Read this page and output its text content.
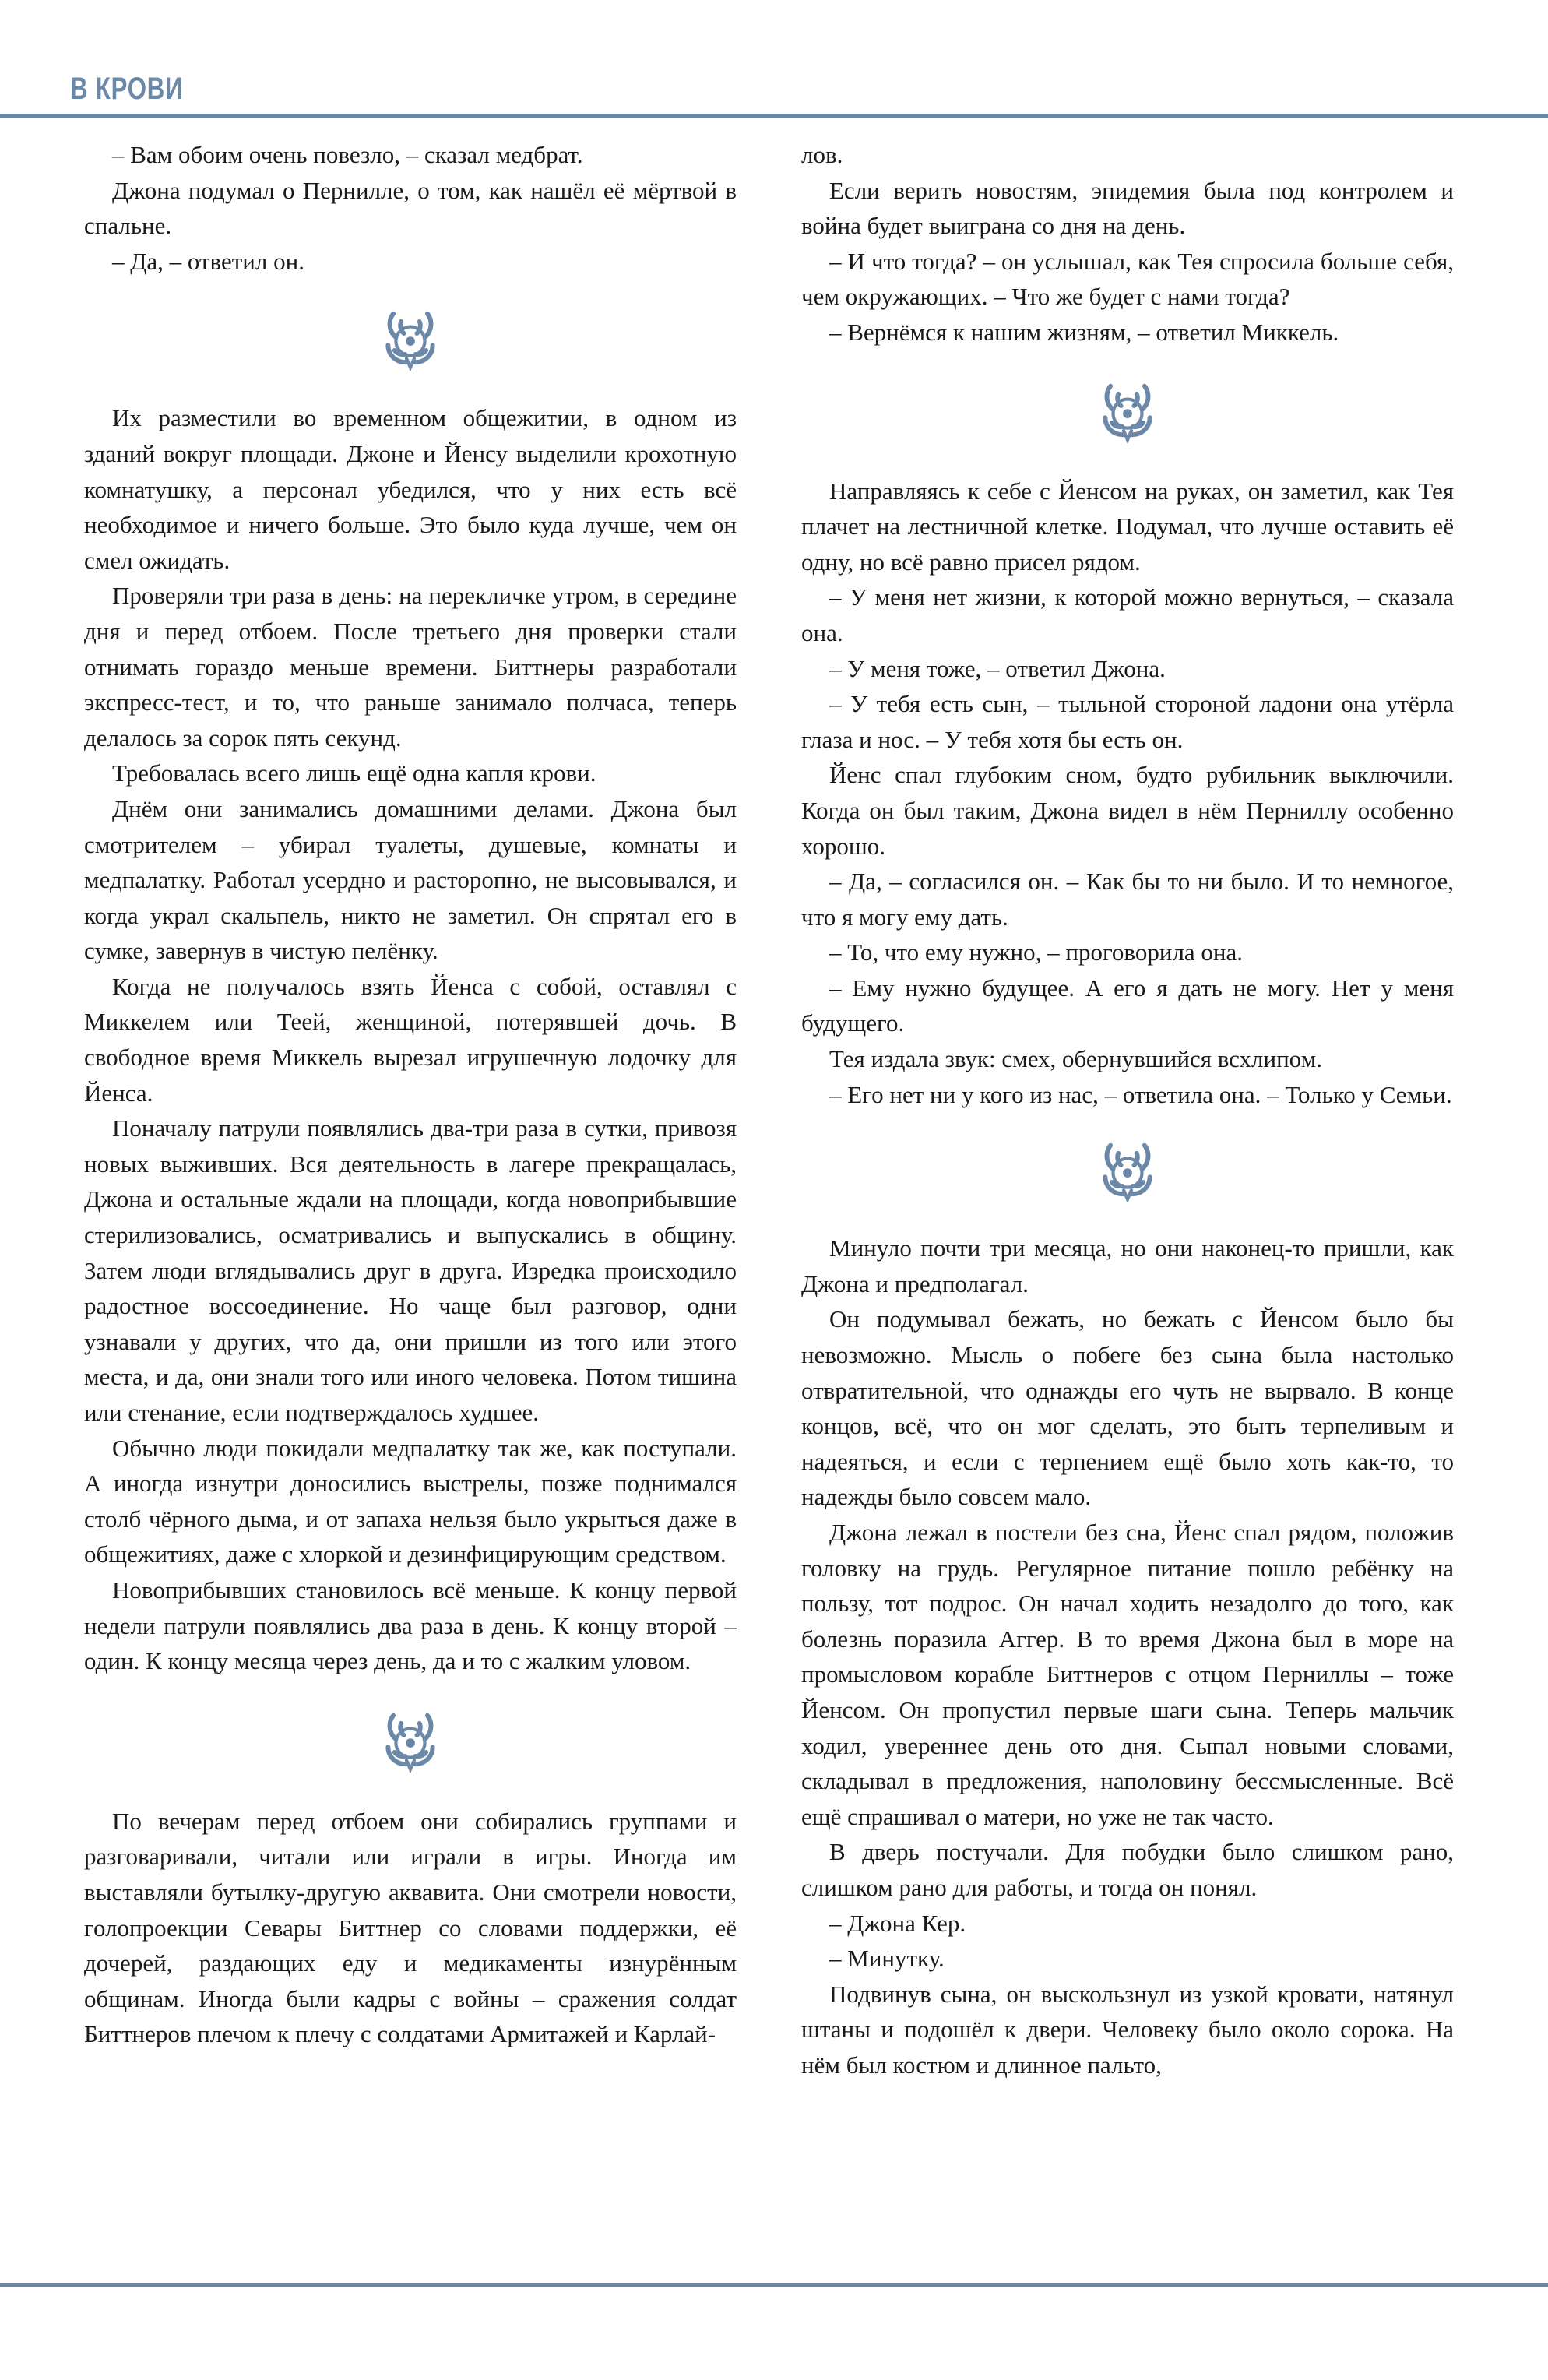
В КРОВИ

– Вам обоим очень повезло, – сказал медбрат.

Джона подумал о Пернилле, о том, как нашёл её мёртвой в спальне.

– Да, – ответил он.

Их разместили во временном общежитии, в одном из зданий вокруг площади. Джоне и Йенсу выделили крохотную комнатушку, а персонал убедился, что у них есть всё необходимое и ничего больше. Это было куда лучше, чем он смел ожидать.

Проверяли три раза в день: на перекличке утром, в середине дня и перед отбоем. После третьего дня проверки стали отнимать гораздо меньше времени. Биттнеры разработали экспресс-тест, и то, что раньше занимало полчаса, теперь делалось за сорок пять секунд.

Требовалась всего лишь ещё одна капля крови.

Днём они занимались домашними делами. Джона был смотрителем – убирал туалеты, душевые, комнаты и медпалатку. Работал усердно и расторопно, не высовывался, и когда украл скальпель, никто не заметил. Он спрятал его в сумке, завернув в чистую пелёнку.

Когда не получалось взять Йенса с собой, оставлял с Миккелем или Теей, женщиной, потерявшей дочь. В свободное время Миккель вырезал игрушечную лодочку для Йенса.

Поначалу патрули появлялись два-три раза в сутки, привозя новых выживших. Вся деятельность в лагере прекращалась, Джона и остальные ждали на площади, когда новоприбывшие стерилизовались, осматривались и выпускались в общину. Затем люди вглядывались друг в друга. Изредка происходило радостное воссоединение. Но чаще был разговор, одни узнавали у других, что да, они пришли из того или этого места, и да, они знали того или иного человека. Потом тишина или стенание, если подтверждалось худшее.

Обычно люди покидали медпалатку так же, как поступали. А иногда изнутри доносились выстрелы, позже поднимался столб чёрного дыма, и от запаха нельзя было укрыться даже в общежитиях, даже с хлоркой и дезинфицирующим средством.

Новоприбывших становилось всё меньше. К концу первой недели патрули появлялись два раза в день. К концу второй – один. К концу месяца через день, да и то с жалким уловом.

По вечерам перед отбоем они собирались группами и разговаривали, читали или играли в игры. Иногда им выставляли бутылку-другую аквавита. Они смотрели новости, голопроекции Севары Биттнер со словами поддержки, её дочерей, раздающих еду и медикаменты изнурённым общинам. Иногда были кадры с войны – сражения солдат Биттнеров плечом к плечу с солдатами Армитажей и Карлай-

лов.

Если верить новостям, эпидемия была под контролем и война будет выиграна со дня на день.

– И что тогда? – он услышал, как Тея спросила больше себя, чем окружающих. – Что же будет с нами тогда?

– Вернёмся к нашим жизням, – ответил Миккель.

Направляясь к себе с Йенсом на руках, он заметил, как Тея плачет на лестничной клетке. Подумал, что лучше оставить её одну, но всё равно присел рядом.

– У меня нет жизни, к которой можно вернуться, – сказала она.

– У меня тоже, – ответил Джона.

– У тебя есть сын, – тыльной стороной ладони она утёрла глаза и нос. – У тебя хотя бы есть он.

Йенс спал глубоким сном, будто рубильник выключили. Когда он был таким, Джона видел в нём Перниллу особенно хорошо.

– Да, – согласился он. – Как бы то ни было. И то немногое, что я могу ему дать.

– То, что ему нужно, – проговорила она.

– Ему нужно будущее. А его я дать не могу. Нет у меня будущего.

Тея издала звук: смех, обернувшийся всхлипом.

– Его нет ни у кого из нас, – ответила она. – Только у Семьи.

Минуло почти три месяца, но они наконец-то пришли, как Джона и предполагал.

Он подумывал бежать, но бежать с Йенсом было бы невозможно. Мысль о побеге без сына была настолько отвратительной, что однажды его чуть не вырвало. В конце концов, всё, что он мог сделать, это быть терпеливым и надеяться, и если с терпением ещё было хоть как-то, то надежды было совсем мало.

Джона лежал в постели без сна, Йенс спал рядом, положив головку на грудь. Регулярное питание пошло ребёнку на пользу, тот подрос. Он начал ходить незадолго до того, как болезнь поразила Аггер. В то время Джона был в море на промысловом корабле Биттнеров с отцом Перниллы – тоже Йенсом. Он пропустил первые шаги сына. Теперь мальчик ходил, увереннее день ото дня. Сыпал новыми словами, складывал в предложения, наполовину бессмысленные. Всё ещё спрашивал о матери, но уже не так часто.

В дверь постучали. Для побудки было слишком рано, слишком рано для работы, и тогда он понял.

– Джона Кер.

– Минутку.

Подвинув сына, он выскользнул из узкой кровати, натянул штаны и подошёл к двери. Человеку было около сорока. На нём был костюм и длинное пальто,
